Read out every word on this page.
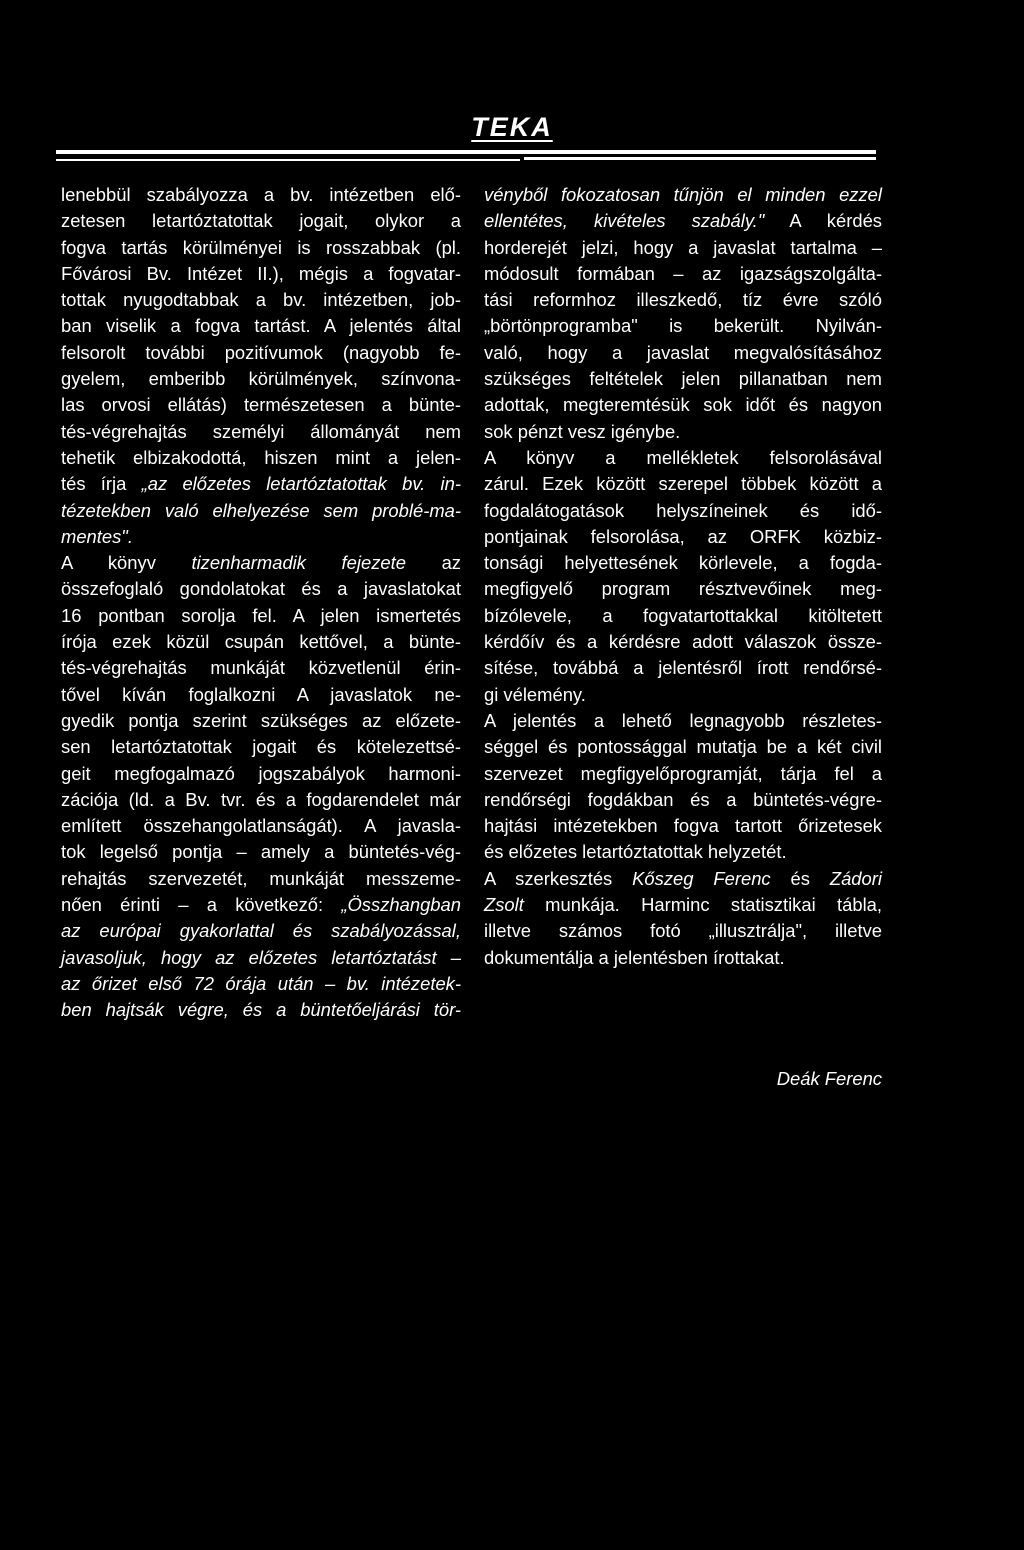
TEKA
lenebbül szabályozza a bv. intézetben elő-
zetesen letartóztatottak jogait, olykor a
fogva tartás körülményei is rosszabbak (pl.
Fővárosi Bv. Intézet II.), mégis a fogvatar-
tottak nyugodtabbak a bv. intézetben, job-
ban viselik a fogva tartást. A jelentés által
felsorolt további pozitívumok (nagyobb fe-
gyelem, emberibb körülmények, színvona-
las orvosi ellátás) természetesen a bünte-
tés-végrehajtás személyi állományát nem
tehetik elbizakodottá, hiszen mint a jelen-
tés írja „az előzetes letartóztatottak bv. in-
tézetekben való elhelyezése sem problé-ma-
mentes".
A könyv tizenharmadik fejezete az
összefoglaló gondolatokat és a javaslatokat
16 pontban sorolja fel. A jelen ismertetés
írója ezek közül csupán kettővel, a bünte-
tés-végrehajtás munkáját közvetlenül érin-
tővel kíván foglalkozni A javaslatok ne-
gyedik pontja szerint szükséges az előzete-
sen letartóztatottak jogait és kötelezettsé-
geit megfogalmazó jogszabályok harmoni-
zációja (ld. a Bv. tvr. és a fogdarendelet már
említett összehangolatlanságát). A javasla-
tok legelső pontja – amely a büntetés-vég-
rehajtás szervezetét, munkáját messzeme-
nően érinti – a következő: „Összhangban
az európai gyakorlattal és szabályozással,
javasoljuk, hogy az előzetes letartóztatást –
az őrizet első 72 órája után – bv. intézetek-
ben hajtsák végre, és a büntetőeljárási tör-
vényből fokozatosan tűnjön el minden ezzel
ellentétes, kivételes szabály." A kérdés
horderejét jelzi, hogy a javaslat tartalma –
módosult formában – az igazságszolgálta-
tási reformhoz illeszkedő, tíz évre szóló
„börtönprogramba" is bekerült. Nyilván-
való, hogy a javaslat megvalósításához
szükséges feltételek jelen pillanatban nem
adottak, megteremtésük sok időt és nagyon
sok pénzt vesz igénybe.
A könyv a mellékletek felsorolásával
zárul. Ezek között szerepel többek között a
fogdalátogatások helyszíneinek és idő-
pontjainak felsorolása, az ORFK közbiz-
tonsági helyettesének körlevele, a fogda-
megfigyelő program résztvevőinek meg-
bízólevele, a fogvatartottakkal kitöltetett
kérdőív és a kérdésre adott válaszok össze-
sítése, továbbá a jelentésről írott rendőrsé-
gi vélemény.
A jelentés a lehető legnagyobb részletes-
séggel és pontossággal mutatja be a két civil
szervezet megfigyelőprogramját, tárja fel a
rendőrségi fogdákban és a büntetés-végre-
hajtási intézetekben fogva tartott őrizetesek
és előzetes letartóztatottak helyzetét.
A szerkesztés Kőszeg Ferenc és Zádori
Zsolt munkája. Harminc statisztikai tábla,
illetve számos fotó „illusztrálja", illetve
dokumentálja a jelentésben írottakat.
Deák Ferenc
